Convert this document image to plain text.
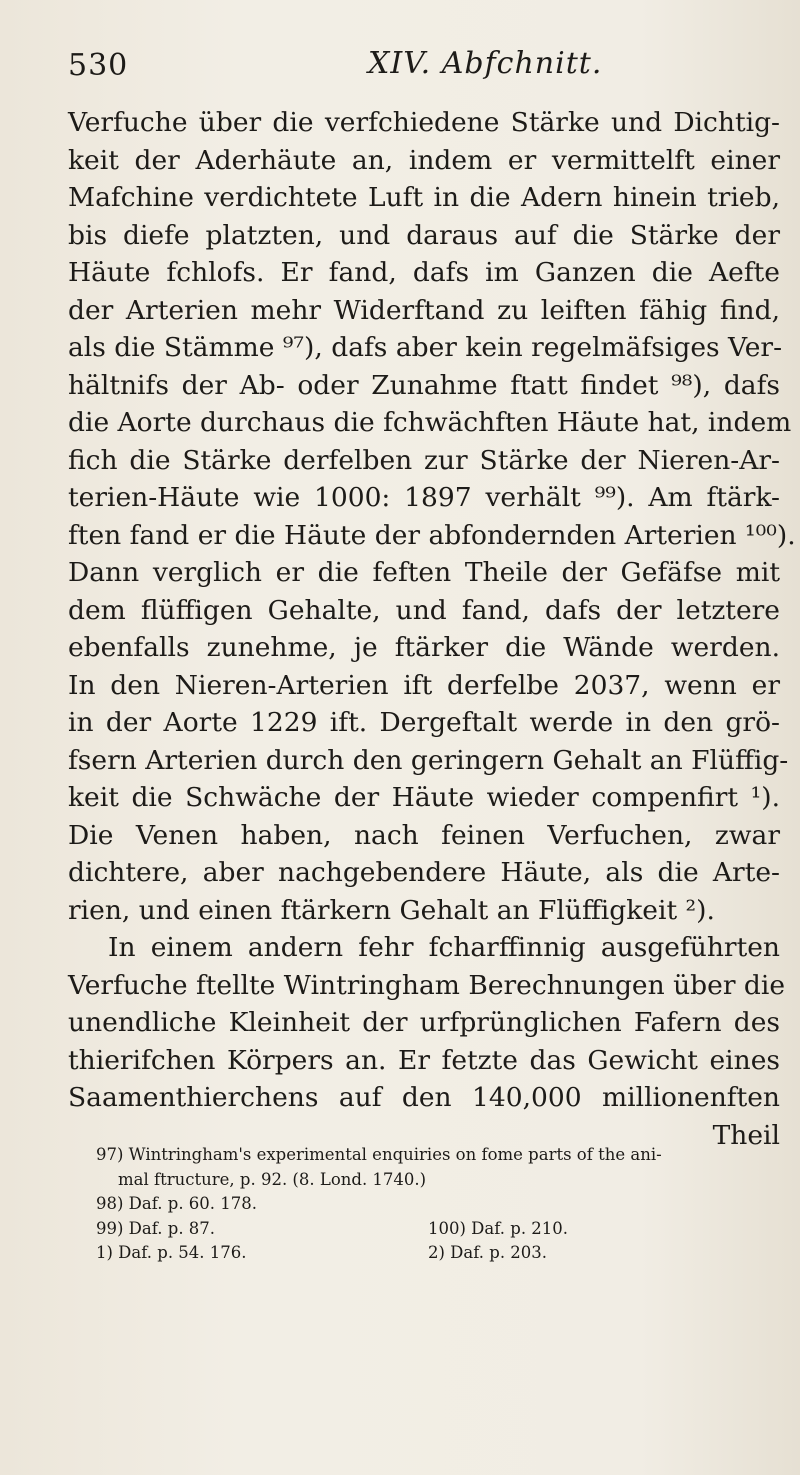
530	XIV. Abfchnitt.
Verfuche über die verfchiedene Stärke und Dichtig-
keit der Aderhäute an, indem er vermittelft einer
Mafchine verdichtete Luft in die Adern hinein trieb,
bis diefe platzten, und daraus auf die Stärke der
Häute fchlofs. Er fand, dafs im Ganzen die Aefte
der Arterien mehr Widerftand zu leiften fähig find,
als die Stämme ⁹⁷), dafs aber kein regelmäfsiges Ver-
hältnifs der Ab- oder Zunahme ftatt findet ⁹⁸), dafs
die Aorte durchaus die fchwächften Häute hat, indem
fich die Stärke derfelben zur Stärke der Nieren-Ar-
terien-Häute wie 1000: 1897 verhält ⁹⁹). Am ftärk-
ften fand er die Häute der abfondernden Arterien ¹⁰⁰).
Dann verglich er die feften Theile der Gefäfse mit
dem flüffigen Gehalte, und fand, dafs der letztere
ebenfalls zunehme, je ftärker die Wände werden.
In den Nieren-Arterien ift derfelbe 2037, wenn er
in der Aorte 1229 ift. Dergeftalt werde in den grö-
fsern Arterien durch den geringern Gehalt an Flüffig-
keit die Schwäche der Häute wieder compenfirt ¹).
Die Venen haben, nach feinen Verfuchen, zwar
dichtere, aber nachgebendere Häute, als die Arte-
rien, und einen ftärkern Gehalt an Flüffigkeit ²).
In einem andern fehr fcharffinnig ausgeführten
Verfuche ftellte Wintringham Berechnungen über die
unendliche Kleinheit der urfprünglichen Fafern des
thierifchen Körpers an. Er fetzte das Gewicht eines
Saamenthierchens auf den 140,000 millionenften
Theil
97) Wintringham's experimental enquiries on fome parts of the ani-
mal ftructure, p. 92. (8. Lond. 1740.)
98) Daf. p. 60. 178.
99) Daf. p. 87.	100) Daf. p. 210.
1) Daf. p. 54. 176.	2) Daf. p. 203.
